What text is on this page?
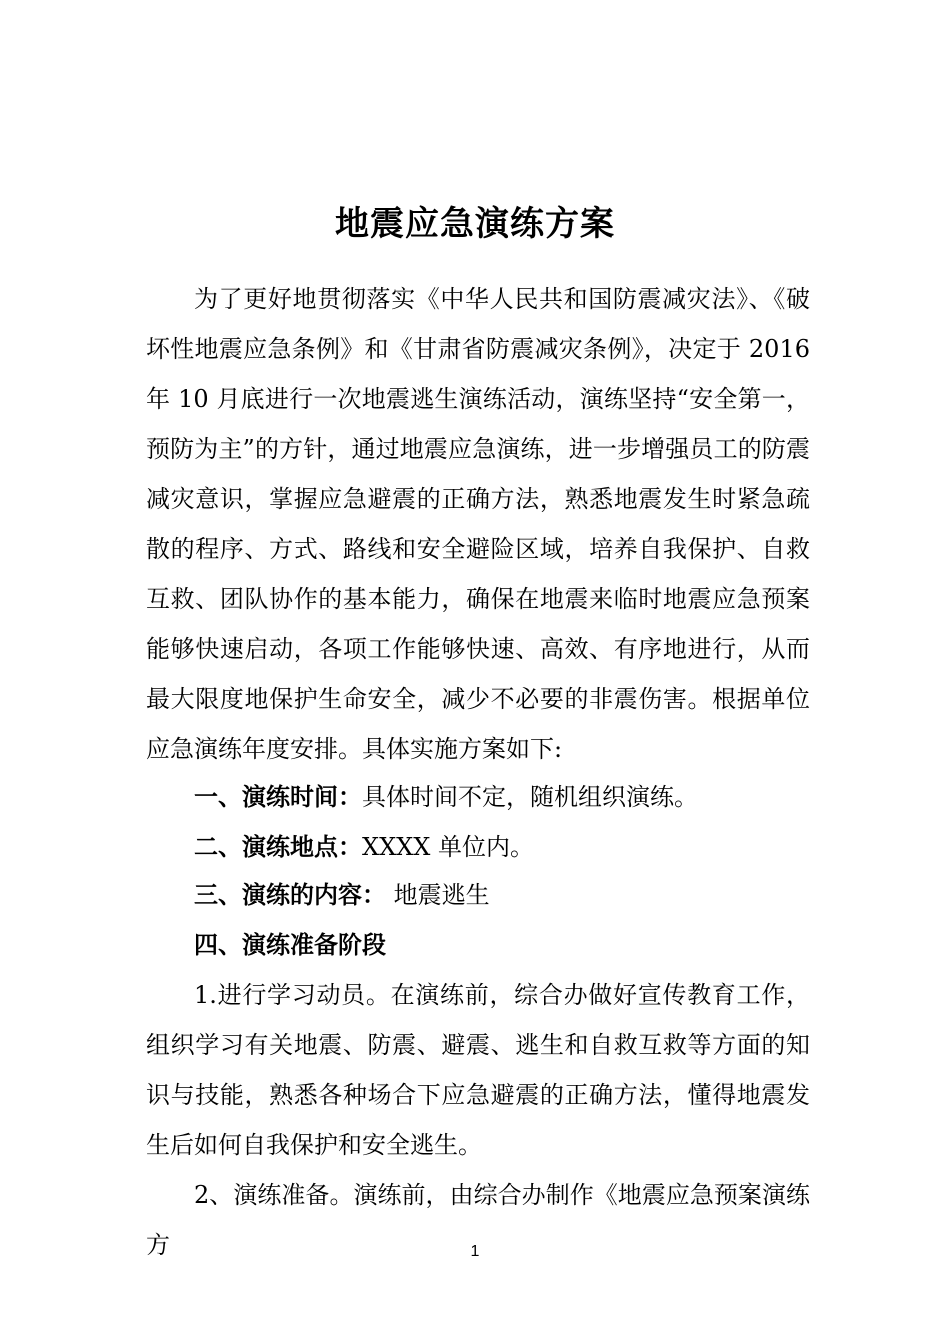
地震应急演练方案

为了更好地贯彻落实《中华人民共和国防震减灾法》、《破坏性地震应急条例》和《甘肃省防震减灾条例》，决定于 2016 年 10 月底进行一次地震逃生演练活动，演练坚持“安全第一，预防为主”的方针，通过地震应急演练，进一步增强员工的防震减灾意识，掌握应急避震的正确方法，熟悉地震发生时紧急疏散的程序、方式、路线和安全避险区域，培养自我保护、自救互救、团队协作的基本能力，确保在地震来临时地震应急预案能够快速启动，各项工作能够快速、高效、有序地进行，从而最大限度地保护生命安全，减少不必要的非震伤害。根据单位应急演练年度安排。具体实施方案如下:

一、演练时间：具体时间不定，随机组织演练。

二、演练地点：XXXX 单位内。

三、演练的内容： 地震逃生

四、演练准备阶段

1.进行学习动员。在演练前，综合办做好宣传教育工作，组织学习有关地震、防震、避震、逃生和自救互救等方面的知识与技能，熟悉各种场合下应急避震的正确方法，懂得地震发生后如何自我保护和安全逃生。

2、演练准备。演练前，由综合办制作《地震应急预案演练方	1
